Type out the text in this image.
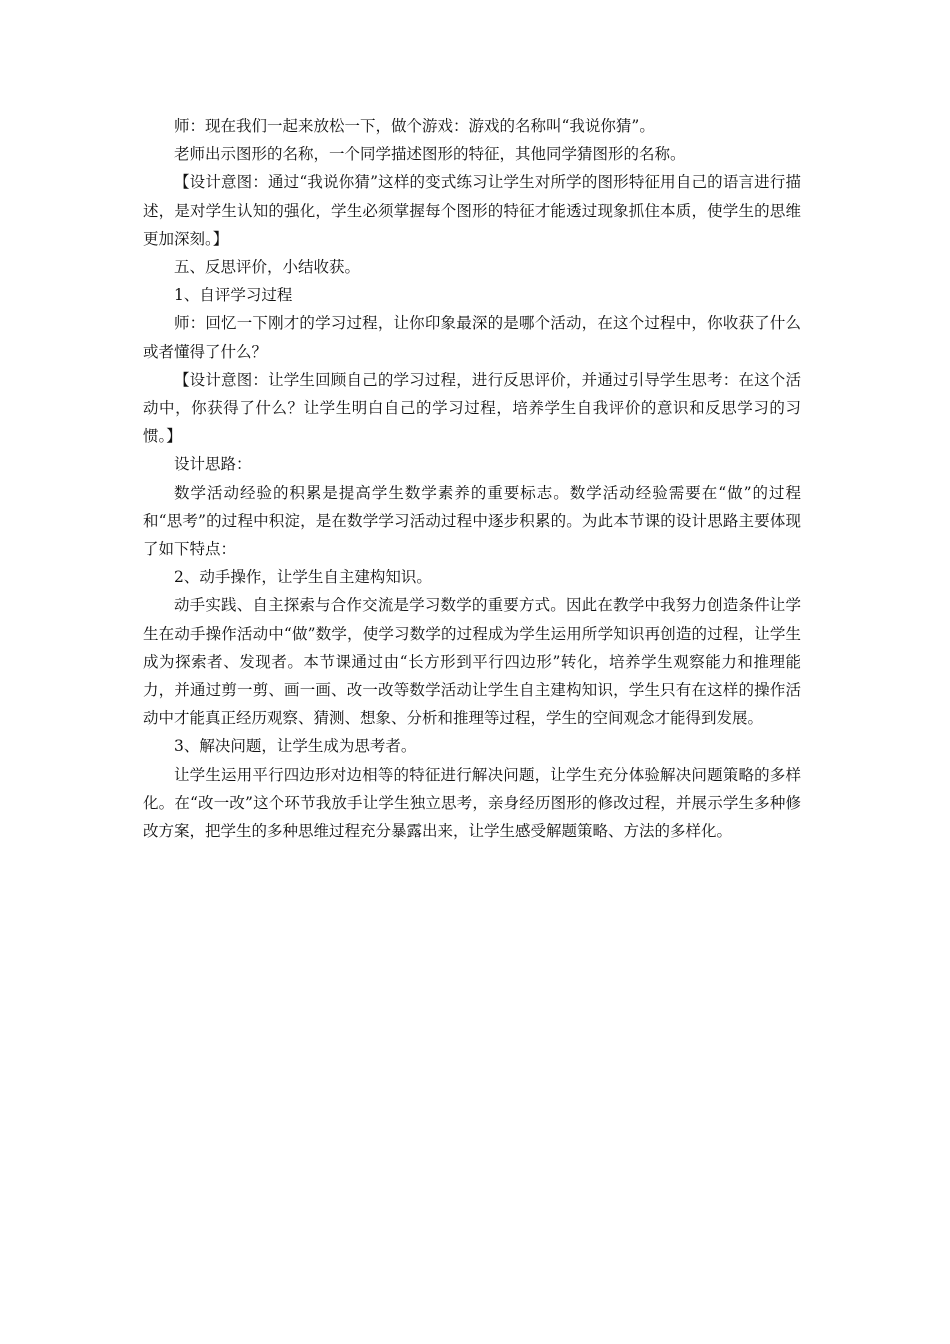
师：现在我们一起来放松一下，做个游戏：游戏的名称叫“我说你猜”。

老师出示图形的名称，一个同学描述图形的特征，其他同学猜图形的名称。

【设计意图：通过“我说你猜”这样的变式练习让学生对所学的图形特征用自己的语言进行描述，是对学生认知的强化，学生必须掌握每个图形的特征才能透过现象抓住本质，使学生的思维更加深刻。】

五、反思评价，小结收获。

1、自评学习过程

师：回忆一下刚才的学习过程，让你印象最深的是哪个活动，在这个过程中，你收获了什么或者懂得了什么？

【设计意图：让学生回顾自己的学习过程，进行反思评价，并通过引导学生思考：在这个活动中，你获得了什么？让学生明白自己的学习过程，培养学生自我评价的意识和反思学习的习惯。】

设计思路：

数学活动经验的积累是提高学生数学素养的重要标志。数学活动经验需要在“做”的过程和“思考”的过程中积淀，是在数学学习活动过程中逐步积累的。为此本节课的设计思路主要体现了如下特点：

2、动手操作，让学生自主建构知识。

动手实践、自主探索与合作交流是学习数学的重要方式。因此在教学中我努力创造条件让学生在动手操作活动中“做”数学，使学习数学的过程成为学生运用所学知识再创造的过程，让学生成为探索者、发现者。本节课通过由“长方形到平行四边形”转化，培养学生观察能力和推理能力，并通过剪一剪、画一画、改一改等数学活动让学生自主建构知识，学生只有在这样的操作活动中才能真正经历观察、猜测、想象、分析和推理等过程，学生的空间观念才能得到发展。

3、解决问题，让学生成为思考者。

让学生运用平行四边形对边相等的特征进行解决问题，让学生充分体验解决问题策略的多样化。在“改一改”这个环节我放手让学生独立思考，亲身经历图形的修改过程，并展示学生多种修改方案，把学生的多种思维过程充分暴露出来，让学生感受解题策略、方法的多样化。
